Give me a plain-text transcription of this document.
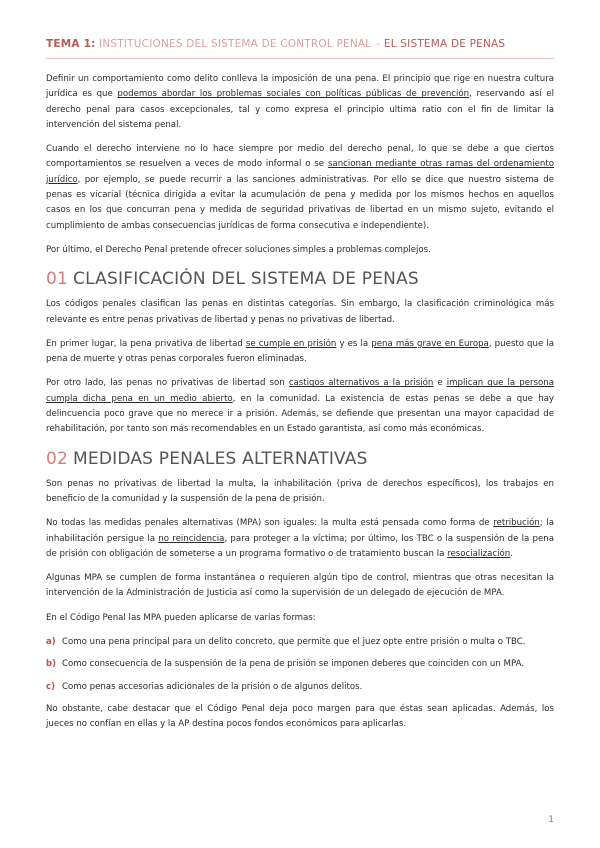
TEMA 1: INSTITUCIONES DEL SISTEMA DE CONTROL PENAL – EL SISTEMA DE PENAS

Definir un comportamiento como delito conlleva la imposición de una pena. El principio que rige en nuestra cultura jurídica es que podemos abordar los problemas sociales con políticas públicas de prevención, reservando así el derecho penal para casos excepcionales, tal y como expresa el principio ultima ratio con el fin de limitar la intervención del sistema penal.

Cuando el derecho interviene no lo hace siempre por medio del derecho penal, lo que se debe a que ciertos comportamientos se resuelven a veces de modo informal o se sancionan mediante otras ramas del ordenamiento jurídico, por ejemplo, se puede recurrir a las sanciones administrativas. Por ello se dice que nuestro sistema de penas es vicarial (técnica dirigida a evitar la acumulación de pena y medida por los mismos hechos en aquellos casos en los que concurran pena y medida de seguridad privativas de libertad en un mismo sujeto, evitando el cumplimiento de ambas consecuencias jurídicas de forma consecutiva e independiente).

Por último, el Derecho Penal pretende ofrecer soluciones simples a problemas complejos.

01 CLASIFICACIÓN DEL SISTEMA DE PENAS

Los códigos penales clasifican las penas en distintas categorías. Sin embargo, la clasificación criminológica más relevante es entre penas privativas de libertad y penas no privativas de libertad.

En primer lugar, la pena privativa de libertad se cumple en prisión y es la pena más grave en Europa, puesto que la pena de muerte y otras penas corporales fueron eliminadas.

Por otro lado, las penas no privativas de libertad son castigos alternativos a la prisión e implican que la persona cumpla dicha pena en un medio abierto, en la comunidad. La existencia de estas penas se debe a que hay delincuencia poco grave que no merece ir a prisión. Además, se defiende que presentan una mayor capacidad de rehabilitación, por tanto son más recomendables en un Estado garantista, así como más económicas.

02 MEDIDAS PENALES ALTERNATIVAS

Son penas no privativas de libertad la multa, la inhabilitación (priva de derechos específicos), los trabajos en beneficio de la comunidad y la suspensión de la pena de prisión.

No todas las medidas penales alternativas (MPA) son iguales: la multa está pensada como forma de retribución; la inhabilitación persigue la no reincidencia, para proteger a la víctima; por último, los TBC o la suspensión de la pena de prisión con obligación de someterse a un programa formativo o de tratamiento buscan la resocialización.

Algunas MPA se cumplen de forma instantánea o requieren algún tipo de control, mientras que otras necesitan la intervención de la Administración de Justicia así como la supervisión de un delegado de ejecución de MPA.

En el Código Penal las MPA pueden aplicarse de varias formas:

a) Como una pena principal para un delito concreto, que permite que el juez opte entre prisión o multa o TBC.
b) Como consecuencia de la suspensión de la pena de prisión se imponen deberes que coinciden con un MPA.
c) Como penas accesorias adicionales de la prisión o de algunos delitos.

No obstante, cabe destacar que el Código Penal deja poco margen para que éstas sean aplicadas. Además, los jueces no confían en ellas y la AP destina pocos fondos económicos para aplicarlas.

1
